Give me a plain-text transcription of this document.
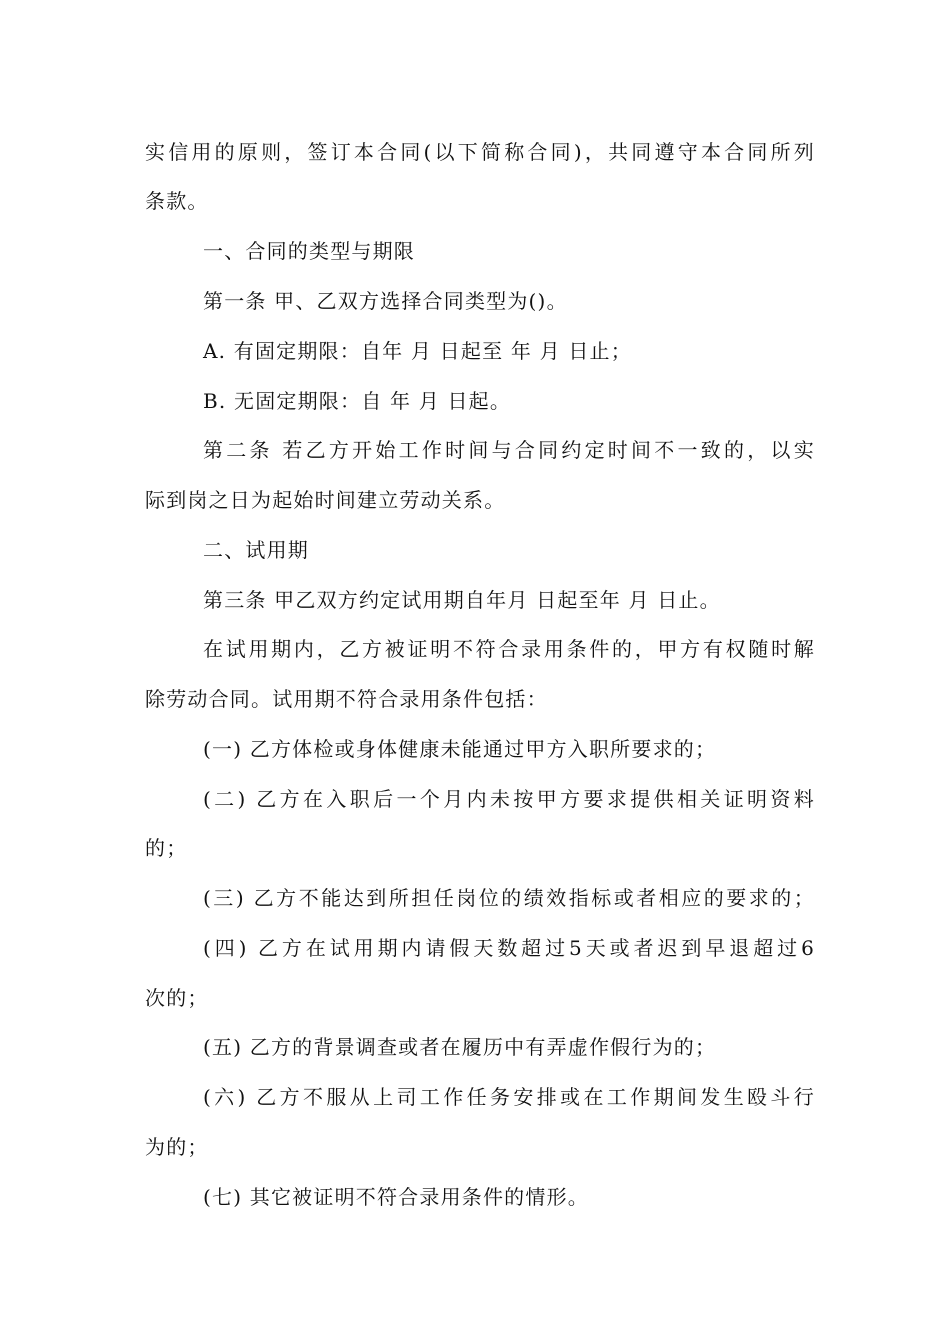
实信用的原则，签订本合同(以下简称合同)，共同遵守本合同所列
条款。
一、合同的类型与期限
第一条 甲、乙双方选择合同类型为()。
A. 有固定期限：自年 月 日起至 年 月 日止；
B. 无固定期限：自 年 月 日起。
第二条 若乙方开始工作时间与合同约定时间不一致的，以实
际到岗之日为起始时间建立劳动关系。
二、试用期
第三条 甲乙双方约定试用期自年月 日起至年 月 日止。
在试用期内，乙方被证明不符合录用条件的，甲方有权随时解
除劳动合同。试用期不符合录用条件包括：
(一) 乙方体检或身体健康未能通过甲方入职所要求的；
(二) 乙方在入职后一个月内未按甲方要求提供相关证明资料
的；
(三) 乙方不能达到所担任岗位的绩效指标或者相应的要求的；
(四) 乙方在试用期内请假天数超过5天或者迟到早退超过6
次的；
(五) 乙方的背景调查或者在履历中有弄虚作假行为的；
(六) 乙方不服从上司工作任务安排或在工作期间发生殴斗行
为的；
(七) 其它被证明不符合录用条件的情形。
